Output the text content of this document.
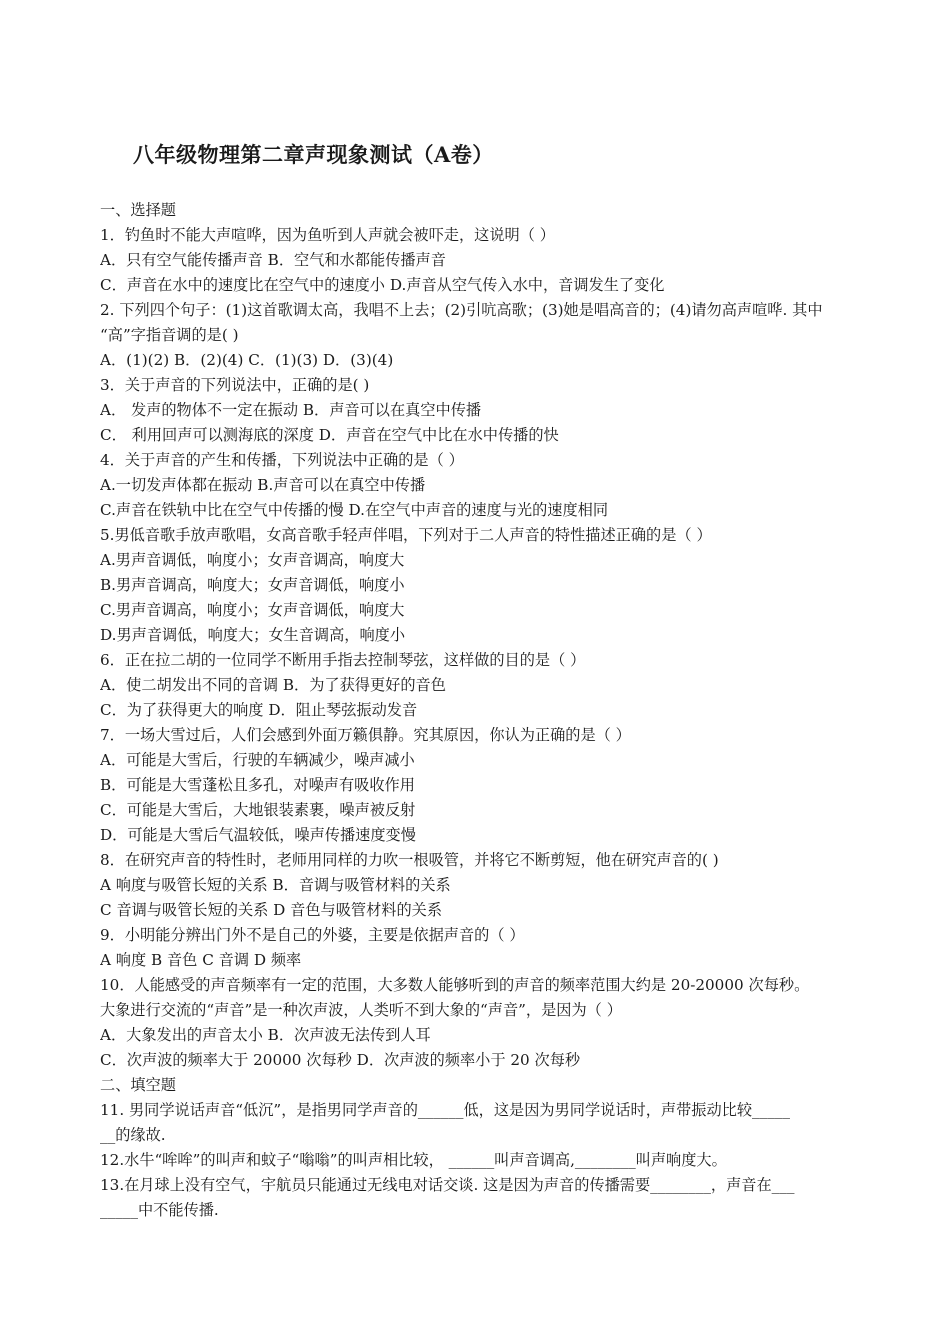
八年级物理第二章声现象测试（A卷）
一、选择题
1．钓鱼时不能大声喧哗，因为鱼听到人声就会被吓走，这说明（ ）
A．只有空气能传播声音 B．空气和水都能传播声音
C．声音在水中的速度比在空气中的速度小 D.声音从空气传入水中，音调发生了变化
2. 下列四个句子：(1)这首歌调太高，我唱不上去；(2)引吭高歌；(3)她是唱高音的；(4)请勿高声喧哗. 其中
“高”字指音调的是( )
A．(1)(2) B．(2)(4) C．(1)(3) D．(3)(4)
3．关于声音的下列说法中，正确的是( )
A． 发声的物体不一定在振动 B．声音可以在真空中传播
C． 利用回声可以测海底的深度 D．声音在空气中比在水中传播的快
4．关于声音的产生和传播，下列说法中正确的是（ ）
A.一切发声体都在振动 B.声音可以在真空中传播
C.声音在铁轨中比在空气中传播的慢 D.在空气中声音的速度与光的速度相同
5.男低音歌手放声歌唱，女高音歌手轻声伴唱，下列对于二人声音的特性描述正确的是（ ）
A.男声音调低，响度小；女声音调高，响度大
B.男声音调高，响度大；女声音调低，响度小
C.男声音调高，响度小；女声音调低，响度大
D.男声音调低，响度大；女生音调高，响度小
6．正在拉二胡的一位同学不断用手指去控制琴弦，这样做的目的是（ ）
A．使二胡发出不同的音调 B．为了获得更好的音色
C．为了获得更大的响度 D．阻止琴弦振动发音
7．一场大雪过后，人们会感到外面万籁俱静。究其原因，你认为正确的是（ ）
A．可能是大雪后，行驶的车辆减少，噪声减小
B．可能是大雪蓬松且多孔，对噪声有吸收作用
C．可能是大雪后，大地银装素裹，噪声被反射
D．可能是大雪后气温较低，噪声传播速度变慢
8．在研究声音的特性时，老师用同样的力吹一根吸管，并将它不断剪短，他在研究声音的( )
A 响度与吸管长短的关系 B．音调与吸管材料的关系
C 音调与吸管长短的关系 D 音色与吸管材料的关系
9．小明能分辨出门外不是自己的外婆，主要是依据声音的（ ）
A 响度 B 音色 C 音调 D 频率
10．人能感受的声音频率有一定的范围，大多数人能够听到的声音的频率范围大约是 20-20000 次每秒。
大象进行交流的“声音”是一种次声波，人类听不到大象的“声音”，是因为（ ）
A．大象发出的声音太小 B．次声波无法传到人耳
C．次声波的频率大于 20000 次每秒 D．次声波的频率小于 20 次每秒
二、填空题
11. 男同学说话声音“低沉”，是指男同学声音的______低，这是因为男同学说话时，声带振动比较_____
__的缘故.
12.水牛“哞哞”的叫声和蚊子“嗡嗡”的叫声相比较， ______叫声音调高,________叫声响度大。
13.在月球上没有空气，宇航员只能通过无线电对话交谈. 这是因为声音的传播需要________，声音在___
_____中不能传播.
